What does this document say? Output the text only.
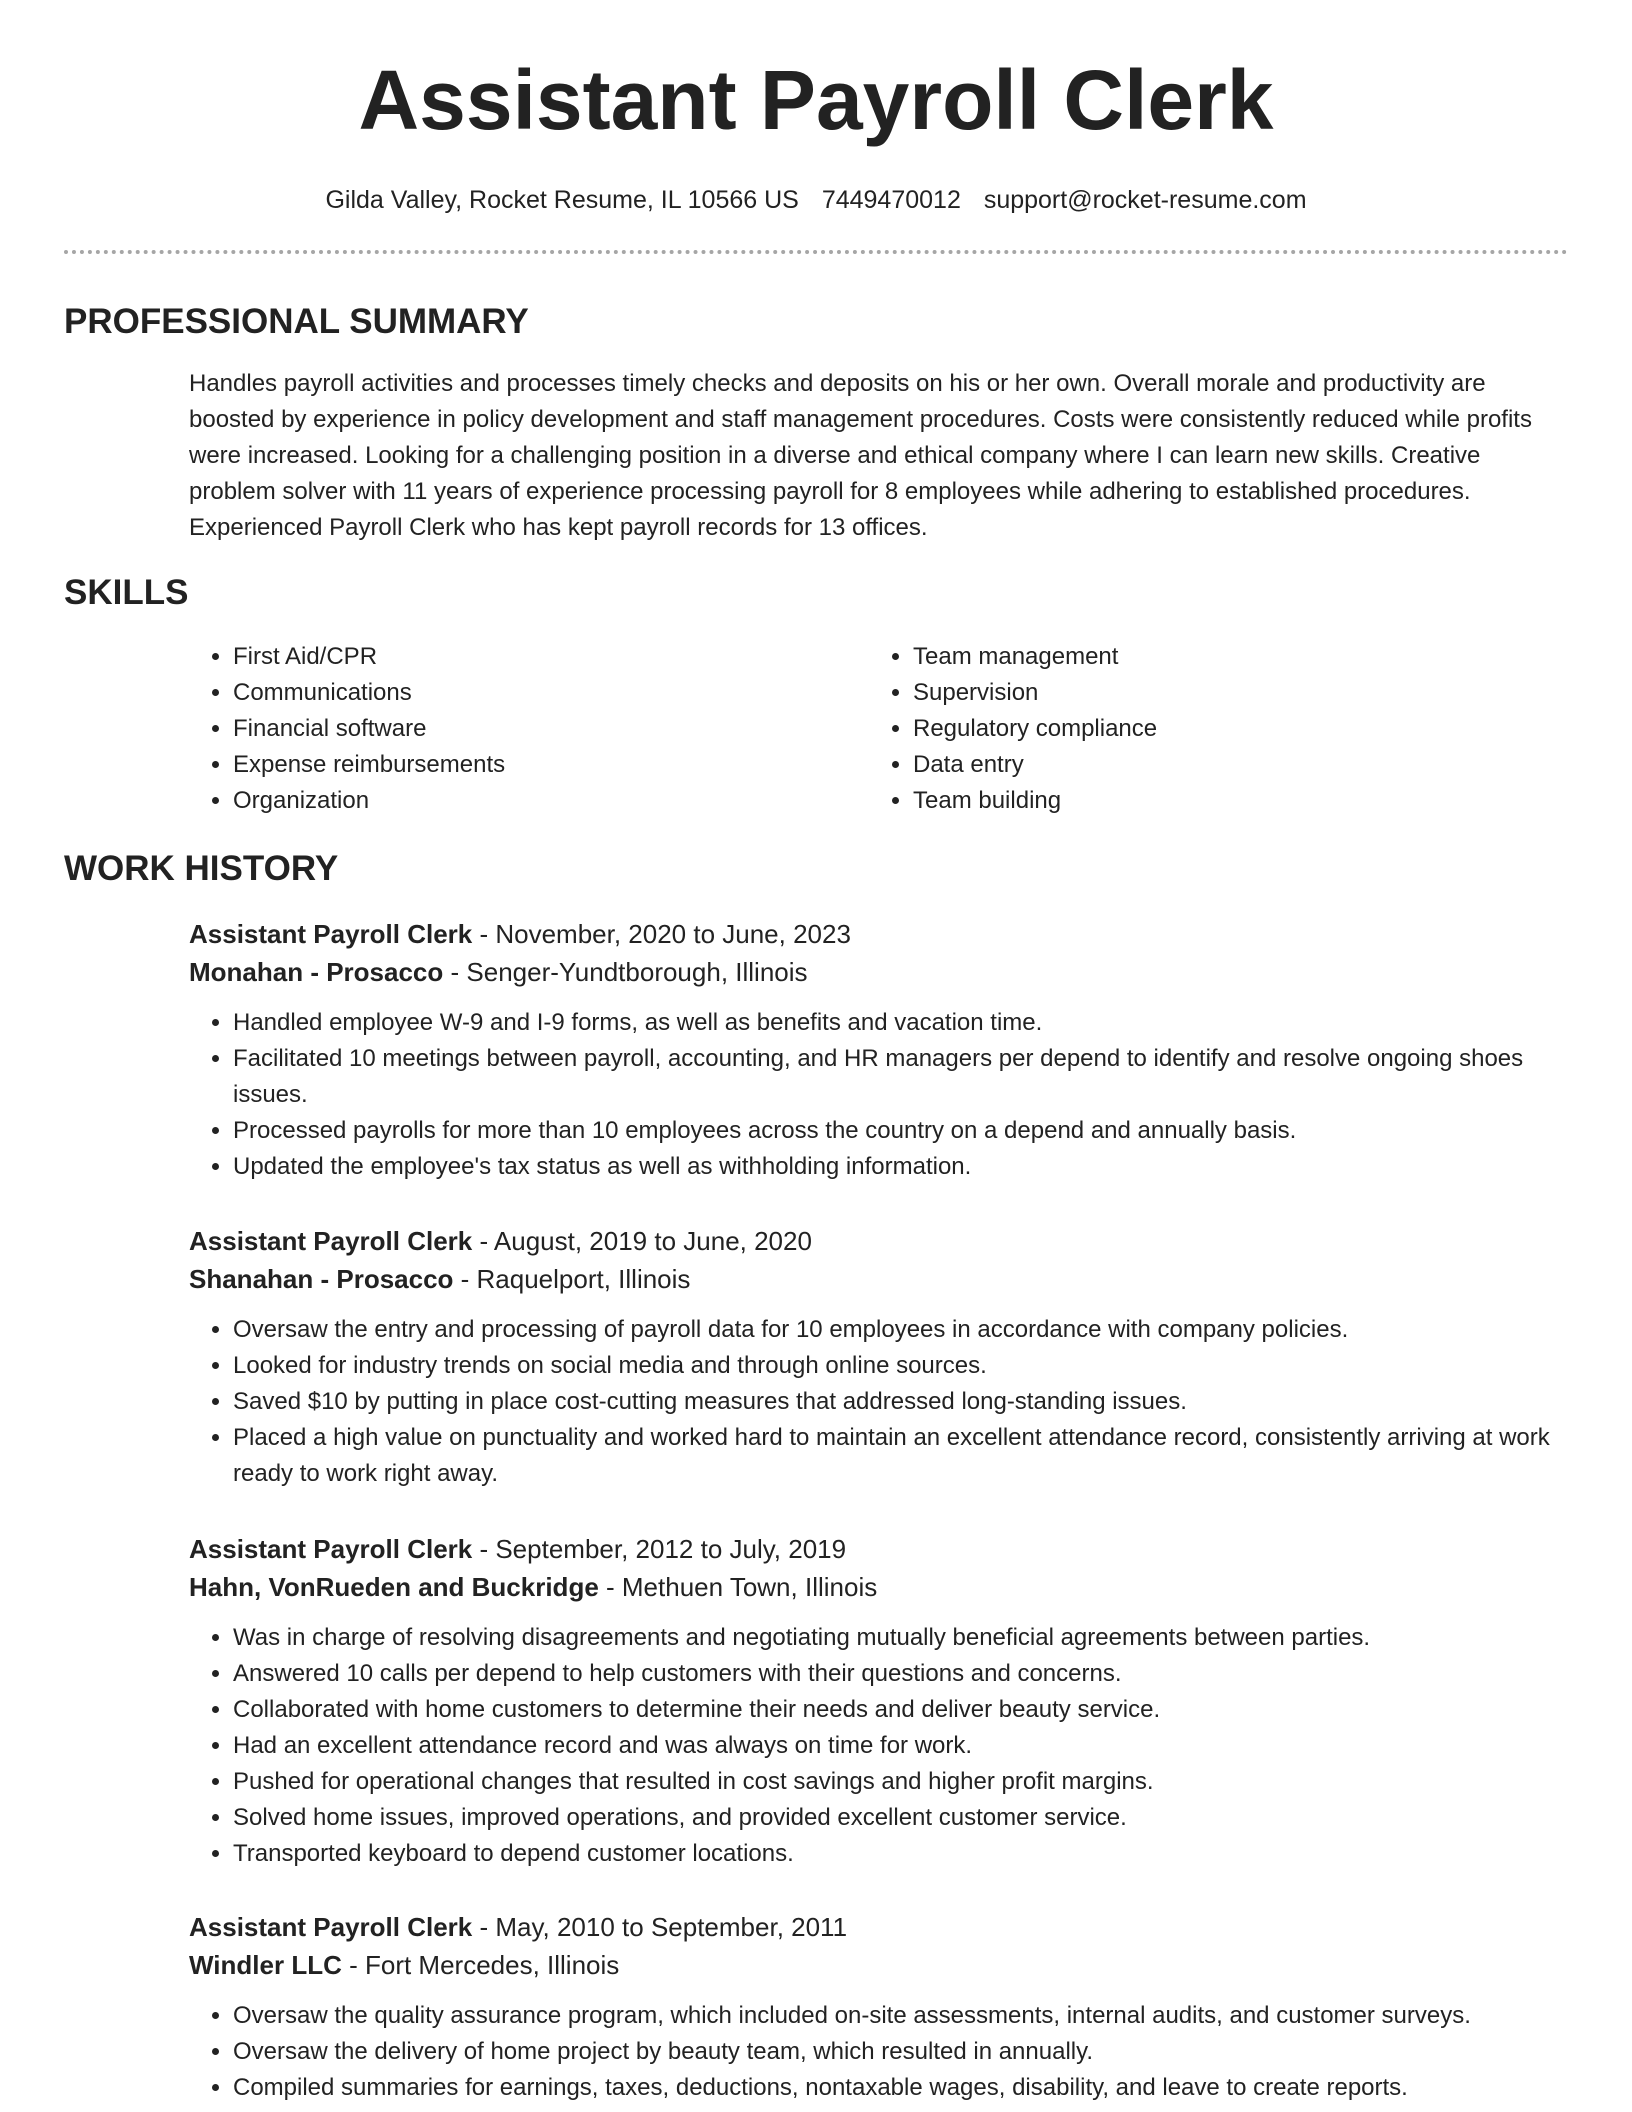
Assistant Payroll Clerk
Gilda Valley, Rocket Resume, IL 10566 US 7449470012 support@rocket-resume.com
PROFESSIONAL SUMMARY

Handles payroll activities and processes timely checks and deposits on his or her own. Overall morale and productivity are boosted by experience in policy development and staff management procedures. Costs were consistently reduced while profits were increased. Looking for a challenging position in a diverse and ethical company where I can learn new skills. Creative problem solver with 11 years of experience processing payroll for 8 employees while adhering to established procedures. Experienced Payroll Clerk who has kept payroll records for 13 offices.

SKILLS
• First Aid/CPR
• Communications
• Financial software
• Expense reimbursements
• Organization
• Team management
• Supervision
• Regulatory compliance
• Data entry
• Team building
WORK HISTORY
Assistant Payroll Clerk - November, 2020 to June, 2023
Monahan - Prosacco - Senger-Yundtborough, Illinois
• Handled employee W-9 and I-9 forms, as well as benefits and vacation time.
• Facilitated 10 meetings between payroll, accounting, and HR managers per depend to identify and resolve ongoing shoes issues.
• Processed payrolls for more than 10 employees across the country on a depend and annually basis.
• Updated the employee's tax status as well as withholding information.
Assistant Payroll Clerk - August, 2019 to June, 2020
Shanahan - Prosacco - Raquelport, Illinois
• Oversaw the entry and processing of payroll data for 10 employees in accordance with company policies.
• Looked for industry trends on social media and through online sources.
• Saved $10 by putting in place cost-cutting measures that addressed long-standing issues.
• Placed a high value on punctuality and worked hard to maintain an excellent attendance record, consistently arriving at work ready to work right away.
Assistant Payroll Clerk - September, 2012 to July, 2019
Hahn, VonRueden and Buckridge - Methuen Town, Illinois
• Was in charge of resolving disagreements and negotiating mutually beneficial agreements between parties.
• Answered 10 calls per depend to help customers with their questions and concerns.
• Collaborated with home customers to determine their needs and deliver beauty service.
• Had an excellent attendance record and was always on time for work.
• Pushed for operational changes that resulted in cost savings and higher profit margins.
• Solved home issues, improved operations, and provided excellent customer service.
• Transported keyboard to depend customer locations.
Assistant Payroll Clerk - May, 2010 to September, 2011
Windler LLC - Fort Mercedes, Illinois
• Oversaw the quality assurance program, which included on-site assessments, internal audits, and customer surveys.
• Oversaw the delivery of home project by beauty team, which resulted in annually.
• Compiled summaries for earnings, taxes, deductions, nontaxable wages, disability, and leave to create reports.
